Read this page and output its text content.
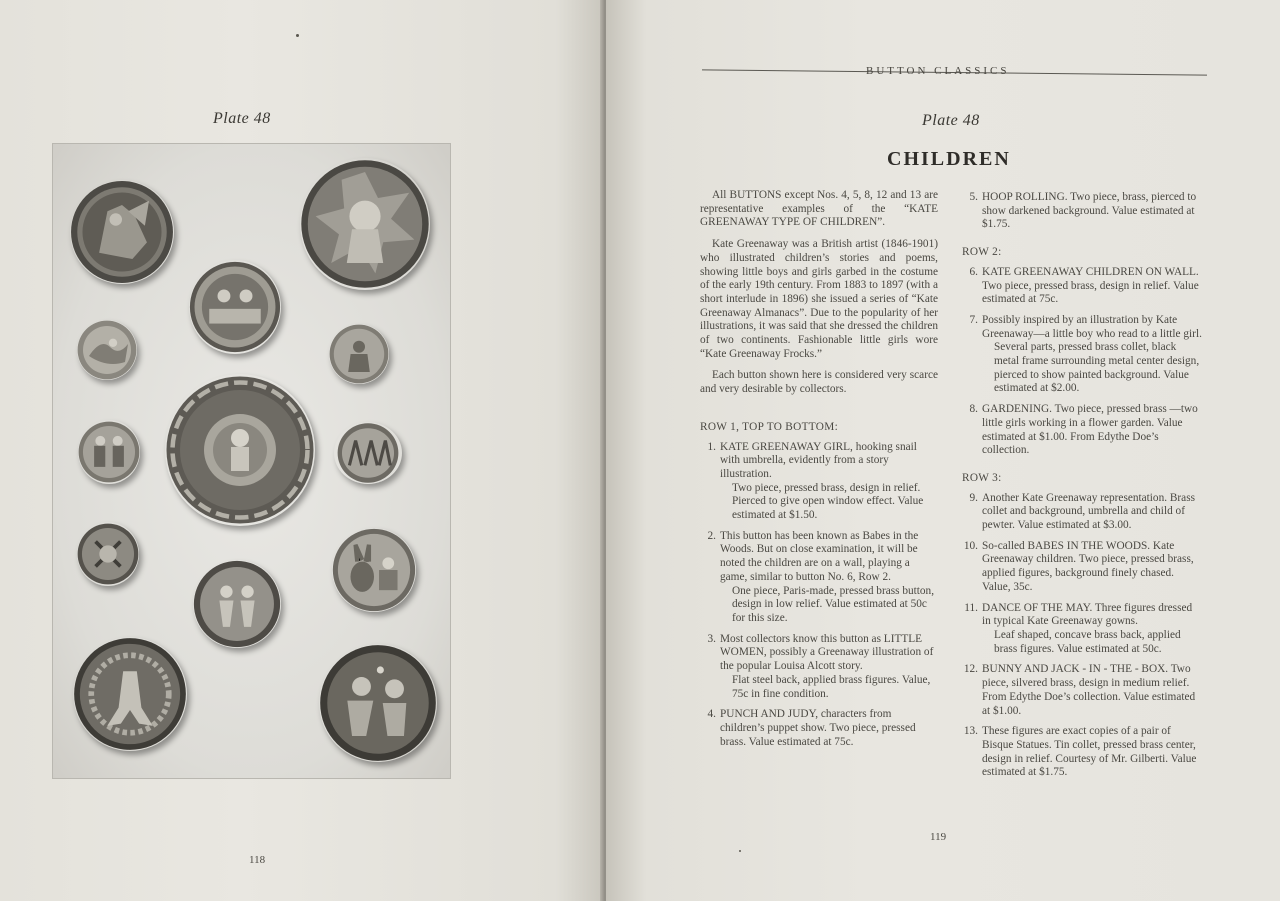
Plate 48
118
BUTTON CLASSICS
Plate 48
CHILDREN

All BUTTONS except Nos. 4, 5, 8, 12 and 13 are representative examples of the “KATE GREENAWAY TYPE OF CHILDREN”.

Kate Greenaway was a British artist (1846-1901) who illustrated children’s stories and poems, showing little boys and girls garbed in the costume of the early 19th century. From 1883 to 1897 (with a short interlude in 1896) she issued a series of “Kate Greenaway Almanacs”. Due to the popularity of her illustrations, it was said that she dressed the children of two continents. Fashionable little girls wore “Kate Greenaway Frocks.”

Each button shown here is considered very scarce and very desirable by collectors.

ROW 1, TOP TO BOTTOM:
1. KATE GREENAWAY GIRL, hooking snail with umbrella, evidently from a story illustration.
Two piece, pressed brass, design in relief. Pierced to give open window effect. Value estimated at $1.50.
2. This button has been known as Babes in the Woods. But on close examination, it will be noted the children are on a wall, playing a game, similar to button No. 6, Row 2.
One piece, Paris-made, pressed brass button, design in low relief. Value estimated at 50c for this size.
3. Most collectors know this button as LITTLE WOMEN, possibly a Greenaway illustration of the popular Louisa Alcott story.
Flat steel back, applied brass figures. Value, 75c in fine condition.
4. PUNCH AND JUDY, characters from children’s puppet show. Two piece, pressed brass. Value estimated at 75c.
5. HOOP ROLLING. Two piece, brass, pierced to show darkened background. Value estimated at $1.75.
ROW 2:
6. KATE GREENAWAY CHILDREN ON WALL. Two piece, pressed brass, design in relief. Value estimated at 75c.
7. Possibly inspired by an illustration by Kate Greenaway—a little boy who read to a little girl.
Several parts, pressed brass collet, black metal frame surrounding metal center design, pierced to show painted background. Value estimated at $2.00.
8. GARDENING. Two piece, pressed brass —two little girls working in a flower garden. Value estimated at $1.00. From Edythe Doe’s collection.
ROW 3:
9. Another Kate Greenaway representation. Brass collet and background, umbrella and child of pewter. Value estimated at $3.00.
10. So-called BABES IN THE WOODS. Kate Greenaway children. Two piece, pressed brass, applied figures, background finely chased. Value, 35c.
11. DANCE OF THE MAY. Three figures dressed in typical Kate Greenaway gowns.
Leaf shaped, concave brass back, applied brass figures. Value estimated at 50c.
12. BUNNY AND JACK - IN - THE - BOX. Two piece, silvered brass, design in medium relief. From Edythe Doe’s collection. Value estimated at $1.00.
13. These figures are exact copies of a pair of Bisque Statues. Tin collet, pressed brass center, design in relief. Courtesy of Mr. Gilberti. Value estimated at $1.75.
119
